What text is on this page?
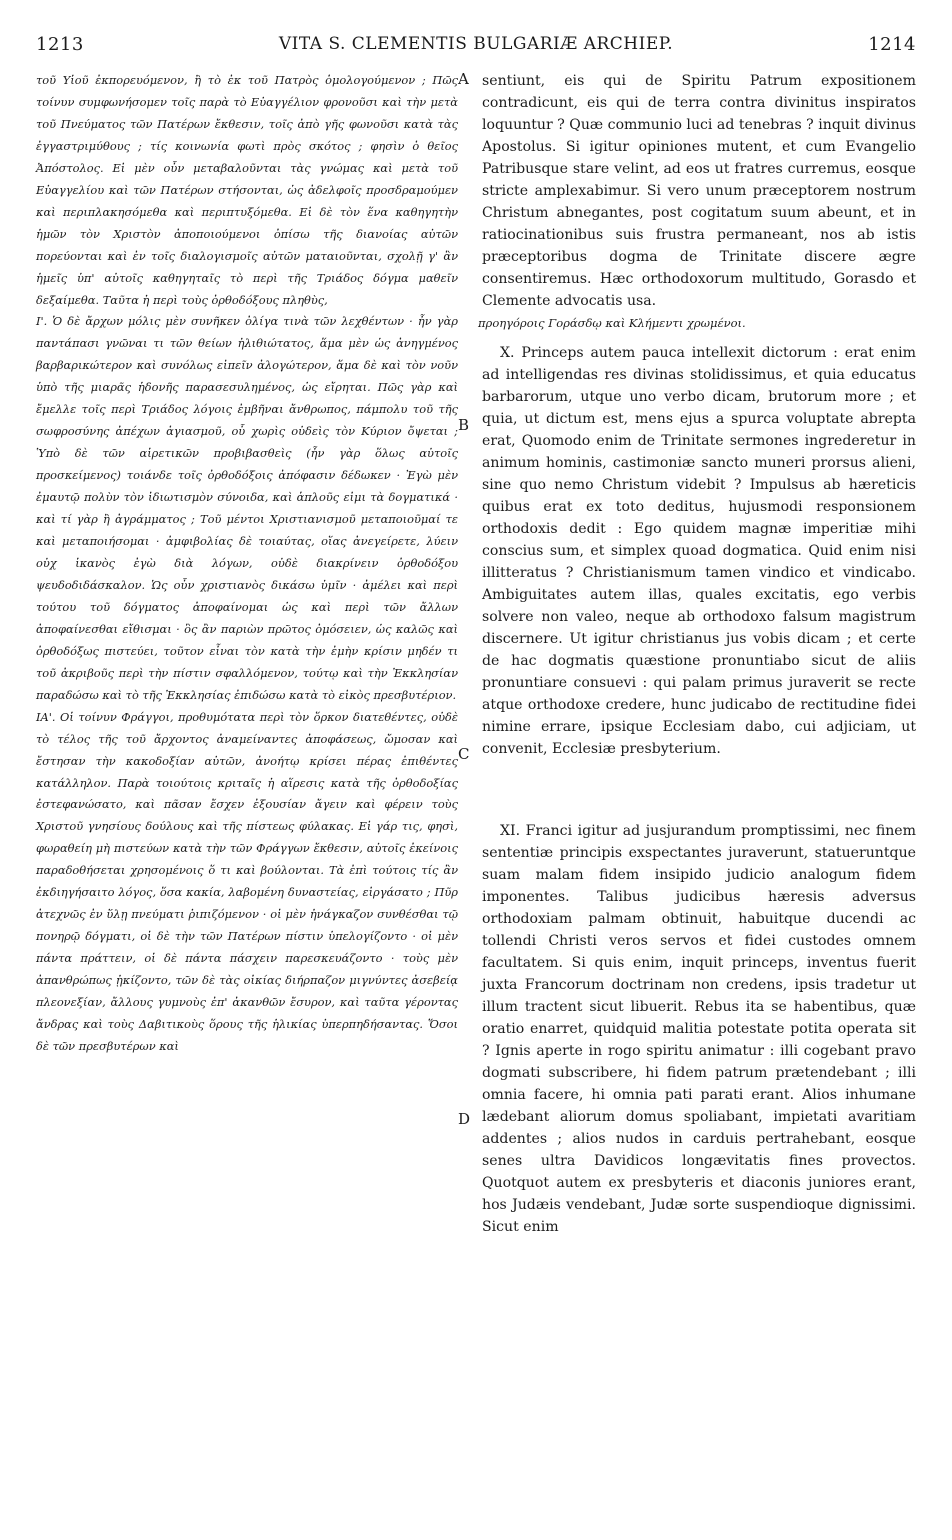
1213	VITA S. CLEMENTIS BULGARIÆ ARCHIEP.	1214
τοῦ Υἱοῦ ἐκπορευόμενον, ἢ τὸ ἐκ τοῦ Πατρὸς ὁμολογούμενον ; Πῶς τοίνυν συμφωνήσομεν τοῖς παρὰ τὸ Εὐαγγέλιον φρονοῦσι καὶ τὴν μετὰ τοῦ Πνεύματος τῶν Πατέρων ἔκθεσιν, τοῖς ἀπὸ γῆς φωνοῦσι κατὰ τὰς ἐγγαστριμύθους ; τίς κοινωνία φωτὶ πρὸς σκότος ; φησὶν ὁ θεῖος Ἀπόστολος. Εἰ μὲν οὖν μεταβαλοῦνται τὰς γνώμας καὶ μετὰ τοῦ Εὐαγγελίου καὶ τῶν Πατέρων στήσονται, ὡς ἀδελφοῖς προσδραμούμεν καὶ περιπλακησόμεθα καὶ περιπτυξόμεθα. Εἰ δὲ τὸν ἕνα καθηγητὴν ἡμῶν τὸν Χριστὸν ἀποποιούμενοι ὀπίσω τῆς διανοίας αὐτῶν πορεύονται καὶ ἐν τοῖς διαλογισμοῖς αὐτῶν ματαιοῦνται, σχολῇ γ' ἂν ἡμεῖς ὑπ' αὐτοῖς καθηγηταῖς τὸ περὶ τῆς Τριάδος δόγμα μαθεῖν δεξαίμεθα. Ταῦτα ἡ περὶ τοὺς ὀρθοδόξους πληθὺς,
Ι'. Ὁ δὲ ἄρχων μόλις μὲν συνῆκεν ὀλίγα τινὰ τῶν λεχθέντων · ἦν γὰρ παντάπασι γνῶναι τι τῶν θείων ἠλιθιώτατος, ἅμα μὲν ὡς ἀνηγμένος βαρβαρικώτερον καὶ συνόλως εἰπεῖν ἀλογώτερον, ἅμα δὲ καὶ τὸν νοῦν ὑπὸ τῆς μιαρᾶς ἡδονῆς παρασεσυλημένος, ὡς εἴρηται. Πῶς γὰρ καὶ ἔμελλε τοῖς περὶ Τριάδος λόγοις ἐμβῆναι ἄνθρωπος, πάμπολυ τοῦ τῆς σωφροσύνης ἀπέχων ἁγιασμοῦ, οὗ χωρὶς οὐδεὶς τὸν Κύριον ὄψεται ; Ὑπὸ δὲ τῶν αἱρετικῶν προβιβασθεὶς (ἦν γὰρ ὅλως αὐτοῖς προσκείμενος) τοιάνδε τοῖς ὀρθοδόξοις ἀπόφασιν δέδωκεν · Ἐγὼ μὲν ἐμαυτῷ πολὺν τὸν ἰδιωτισμὸν σύνοιδα, καὶ ἁπλοῦς εἰμι τὰ δογματικά · καὶ τί γὰρ ἢ ἀγράμματος ; Τοῦ μέντοι Χριστιανισμοῦ μεταποιοῦμαί τε καὶ μεταποιήσομαι · ἀμφιβολίας δὲ τοιαύτας, οἵας ἀνεγείρετε, λύειν οὐχ ἱκανὸς ἐγὼ διὰ λόγων, οὐδὲ διακρίνειν ὀρθοδόξου ψευδοδιδάσκαλον. Ὡς οὖν χριστιανὸς δικάσω ὑμῖν · ἀμέλει καὶ περὶ τούτου τοῦ δόγματος ἀποφαίνομαι ὡς καὶ περὶ τῶν ἄλλων ἀποφαίνεσθαι εἴθισμαι · ὃς ἂν παριὼν πρῶτος ὀμόσειεν, ὡς καλῶς καὶ ὀρθοδόξως πιστεύει, τοῦτον εἶναι τὸν κατὰ τὴν ἐμὴν κρίσιν μηδέν τι τοῦ ἀκριβοῦς περὶ τὴν πίστιν σφαλλόμενον, τούτῳ καὶ τὴν Ἐκκλησίαν παραδώσω καὶ τὸ τῆς Ἐκκλησίας ἐπιδώσω κατὰ τὸ εἰκὸς πρεσβυτέριον.
ΙΑ'. Οἱ τοίνυν Φράγγοι, προθυμότατα περὶ τὸν ὅρκον διατεθέντες, οὐδὲ τὸ τέλος τῆς τοῦ ἄρχοντος ἀναμείναντες ἀποφάσεως, ὤμοσαν καὶ ἔστησαν τὴν κακοδοξίαν αὐτῶν, ἀνοήτῳ κρίσει πέρας ἐπιθέντες κατάλληλον. Παρὰ τοιούτοις κριταῖς ἡ αἵρεσις κατὰ τῆς ὀρθοδοξίας ἐστεφανώσατο, καὶ πᾶσαν ἔσχεν ἐξουσίαν ἄγειν καὶ φέρειν τοὺς Χριστοῦ γνησίους δούλους καὶ τῆς πίστεως φύλακας. Εἰ γάρ τις, φησὶ, φωραθείη μὴ πιστεύων κατὰ τὴν τῶν Φράγγων ἔκθεσιν, αὐτοῖς ἐκείνοις παραδοθήσεται χρησομένοις ὅ τι καὶ βούλονται. Τὰ ἐπὶ τούτοις τίς ἂν ἐκδιηγήσαιτο λόγος, ὅσα κακία, λαβομένη δυναστείας, εἰργάσατο ; Πῦρ ἀτεχνῶς ἐν ὕλῃ πνεύματι ῥιπιζόμενον · οἱ μὲν ἠνάγκαζον συνθέσθαι τῷ πονηρῷ δόγματι, οἱ δὲ τὴν τῶν Πατέρων πίστιν ὑπελογίζοντο · οἱ μὲν πάντα πράττειν, οἱ δὲ πάντα πάσχειν παρεσκευάζοντο · τοὺς μὲν ἀπανθρώπως ᾐκίζοντο, τῶν δὲ τὰς οἰκίας διήρπαζον μιγνύντες ἀσεβείᾳ πλεονεξίαν, ἄλλους γυμνοὺς ἐπ' ἀκανθῶν ἔσυρον, καὶ ταῦτα γέροντας ἄνδρας καὶ τοὺς Δαβιτικοὺς ὅρους τῆς ἡλικίας ὑπερπηδήσαντας. Ὅσοι δὲ τῶν πρεσβυτέρων καὶ
A
B
C
D
sentiunt, eis qui de Spiritu Patrum expositionem contradicunt, eis qui de terra contra divinitus inspiratos loquuntur ? Quæ communio luci ad tenebras ? inquit divinus Apostolus. Si igitur opiniones mutent, et cum Evangelio Patribusque stare velint, ad eos ut fratres curremus, eosque stricte amplexabimur. Si vero unum præceptorem nostrum Christum abnegantes, post cogitatum suum abeunt, et in ratiocinationibus suis frustra permaneant, nos ab istis præceptoribus dogma de Trinitate discere ægre consentiremus. Hæc orthodoxorum multitudo, Gorasdo et Clemente advocatis usa.
προηγόροις Γοράσδῳ καὶ Κλήμεντι χρωμένοι.
X. Princeps autem pauca intellexit dictorum : erat enim ad intelligendas res divinas stolidissimus, et quia educatus barbarorum, utque uno verbo dicam, brutorum more ; et quia, ut dictum est, mens ejus a spurca voluptate abrepta erat, Quomodo enim de Trinitate sermones ingrederetur in animum hominis, castimoniæ sancto muneri prorsus alieni, sine quo nemo Christum videbit ? Impulsus ab hæreticis quibus erat ex toto deditus, hujusmodi responsionem orthodoxis dedit : Ego quidem magnæ imperitiæ mihi conscius sum, et simplex quoad dogmatica. Quid enim nisi illitteratus ? Christianismum tamen vindico et vindicabo. Ambiguitates autem illas, quales excitatis, ego verbis solvere non valeo, neque ab orthodoxo falsum magistrum discernere. Ut igitur christianus jus vobis dicam ; et certe de hac dogmatis quæstione pronuntiabo sicut de aliis pronuntiare consuevi : qui palam primus juraverit se recte atque orthodoxe credere, hunc judicabo de rectitudine fidei nimine errare, ipsique Ecclesiam dabo, cui adjiciam, ut convenit, Ecclesiæ presbyterium.
XI. Franci igitur ad jusjurandum promptissimi, nec finem sententiæ principis exspectantes juraverunt, statueruntque suam malam fidem insipido judicio analogum fidem imponentes. Talibus judicibus hæresis adversus orthodoxiam palmam obtinuit, habuitque ducendi ac tollendi Christi veros servos et fidei custodes omnem facultatem. Si quis enim, inquit princeps, inventus fuerit juxta Francorum doctrinam non credens, ipsis tradetur ut illum tractent sicut libuerit. Rebus ita se habentibus, quæ oratio enarret, quidquid malitia potestate potita operata sit ? Ignis aperte in rogo spiritu animatur : illi cogebant pravo dogmati subscribere, hi fidem patrum prætendebant ; illi omnia facere, hi omnia pati parati erant. Alios inhumane lædebant aliorum domus spoliabant, impietati avaritiam addentes ; alios nudos in carduis pertrahebant, eosque senes ultra Davidicos longævitatis fines provectos. Quotquot autem ex presbyteris et diaconis juniores erant, hos Judæis vendebant, Judæ sorte suspendioque dignissimi. Sicut enim
